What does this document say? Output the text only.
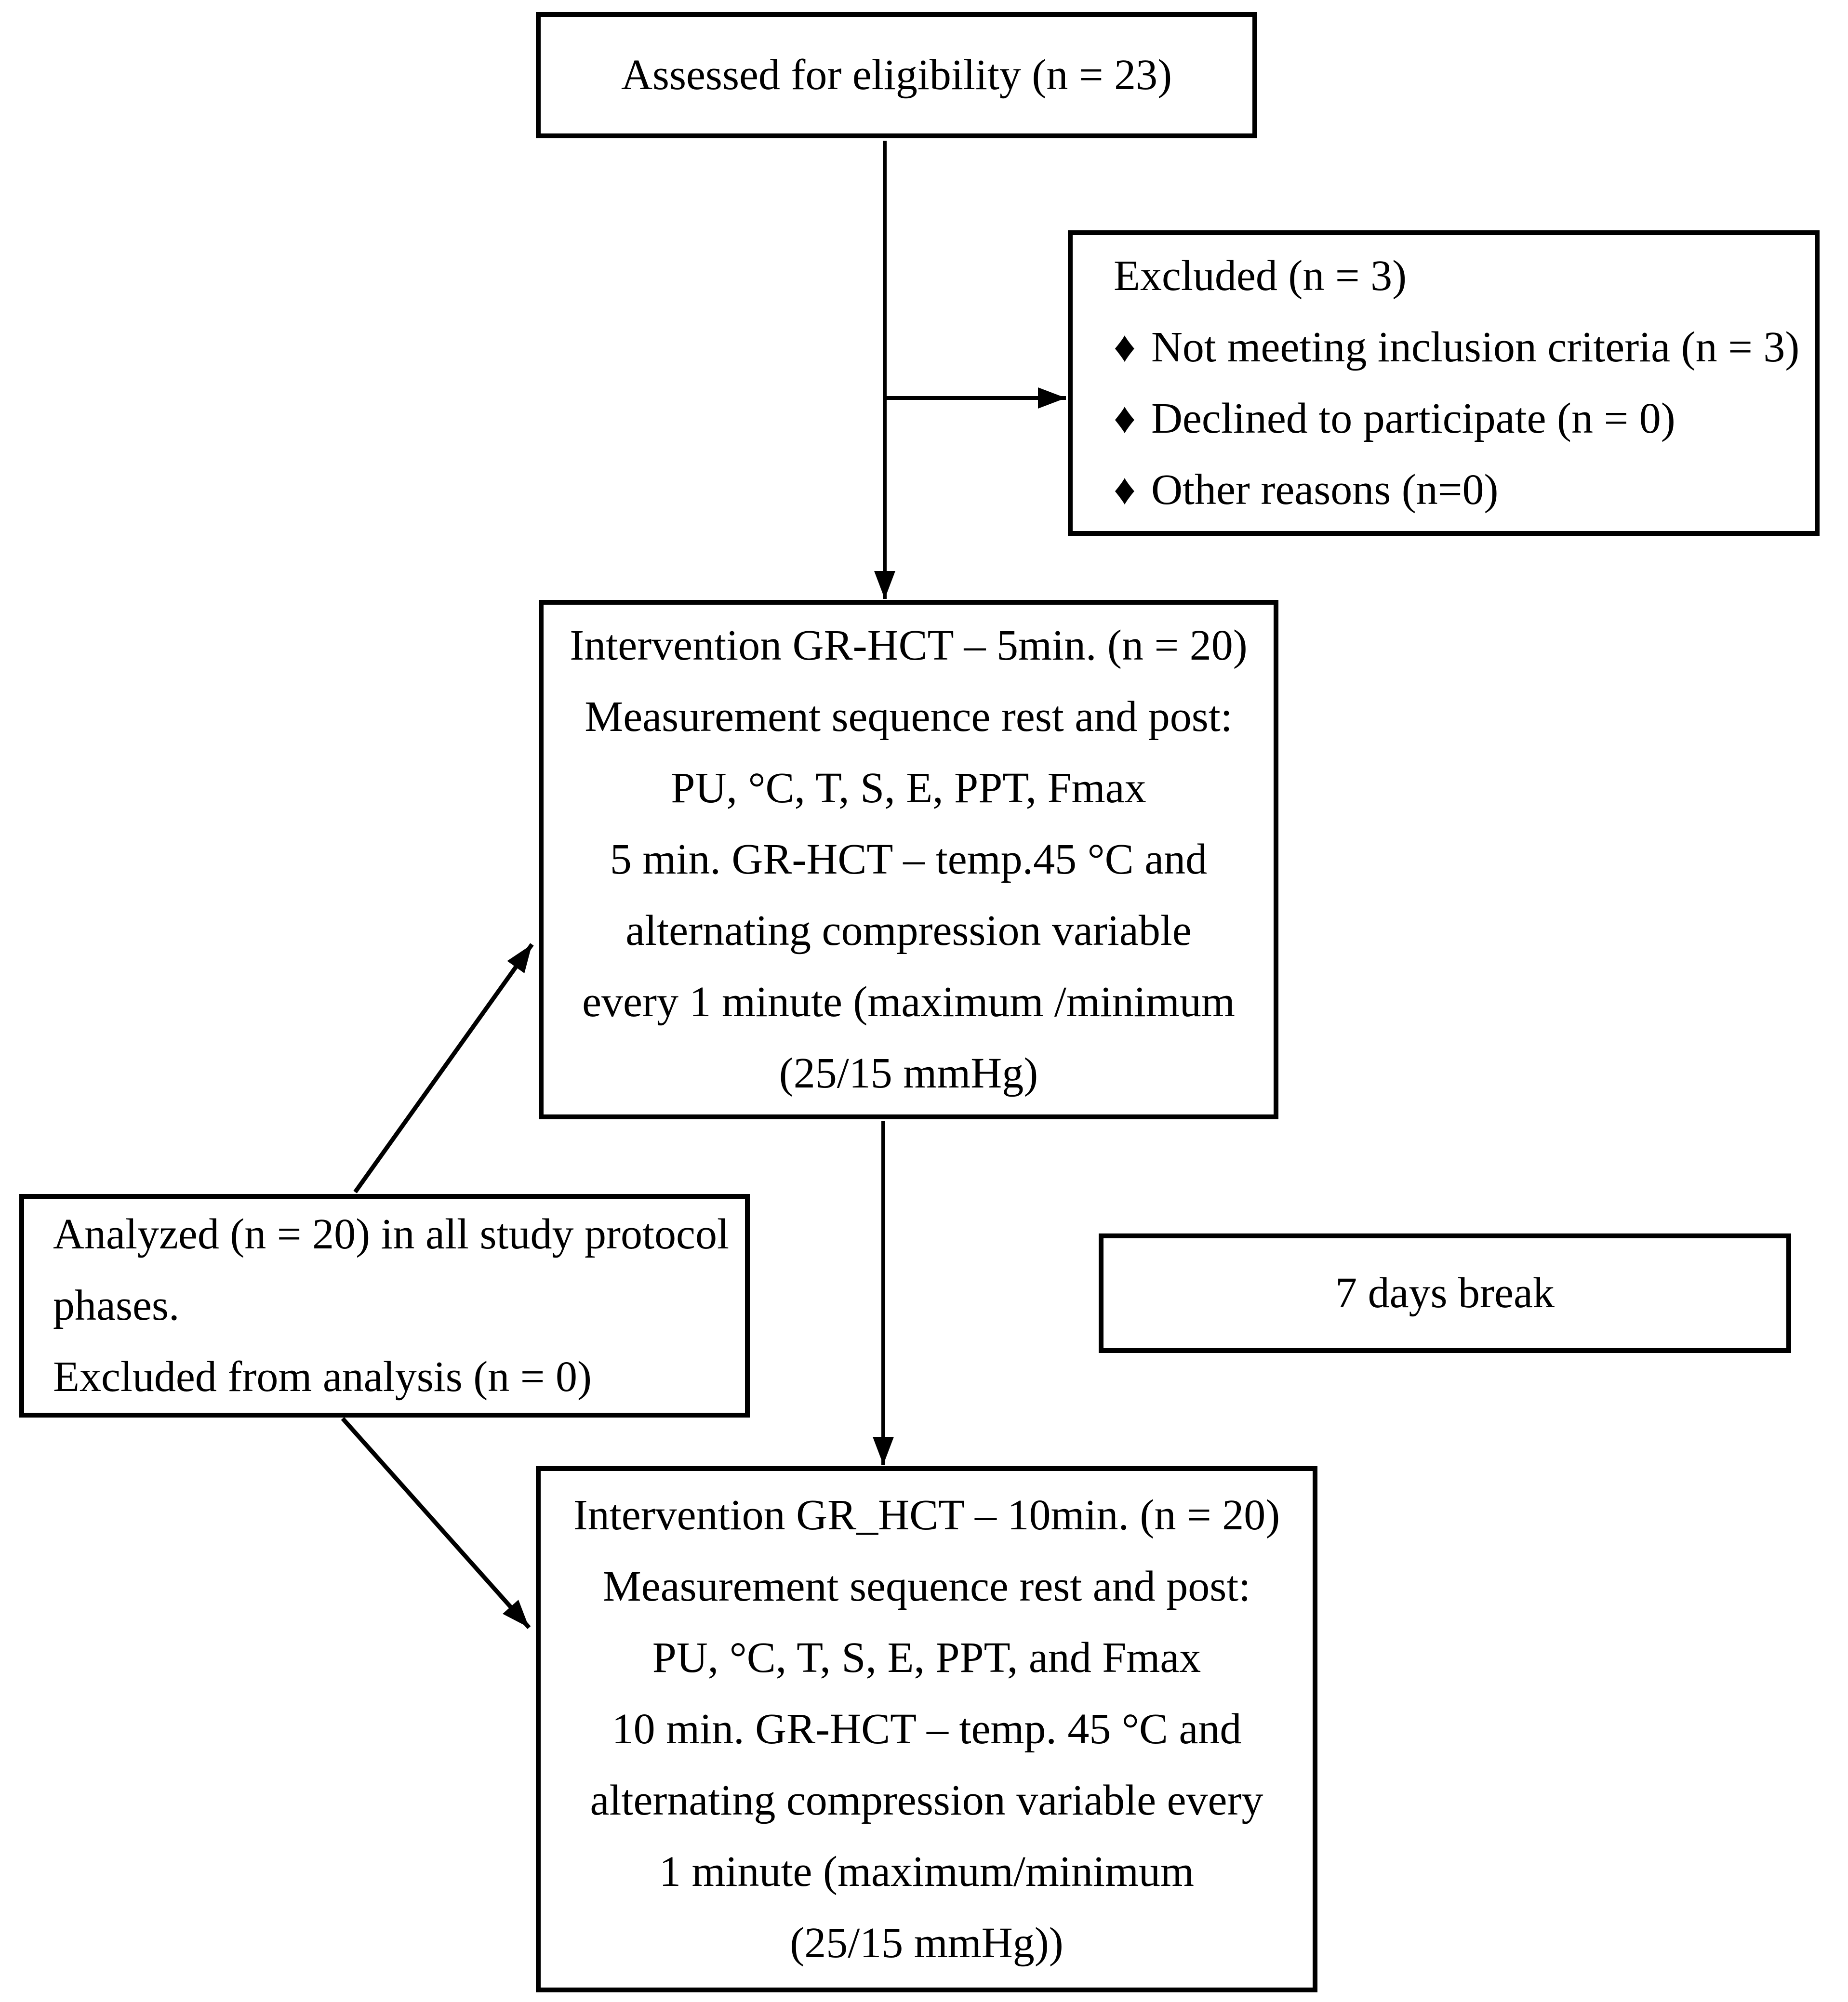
Assessed for eligibility (n = 23)
Excluded (n = 3)
♦ Not meeting inclusion criteria (n = 3)
♦ Declined to participate (n = 0)
♦ Other reasons (n=0)
Intervention GR-HCT – 5min. (n = 20)
Measurement sequence rest and post:
PU, °C, T, S, E, PPT, Fmax
5 min. GR-HCT – temp.45 °C and
alternating compression variable
every 1 minute (maximum /minimum
(25/15 mmHg)
Analyzed (n = 20) in all study protocol
phases.
Excluded from analysis (n = 0)
7 days break
Intervention GR_HCT – 10min. (n = 20)
Measurement sequence rest and post:
PU, °C, T, S, E, PPT, and Fmax
10 min. GR-HCT – temp. 45 °C and
alternating compression variable every
1 minute (maximum/minimum
(25/15 mmHg))
